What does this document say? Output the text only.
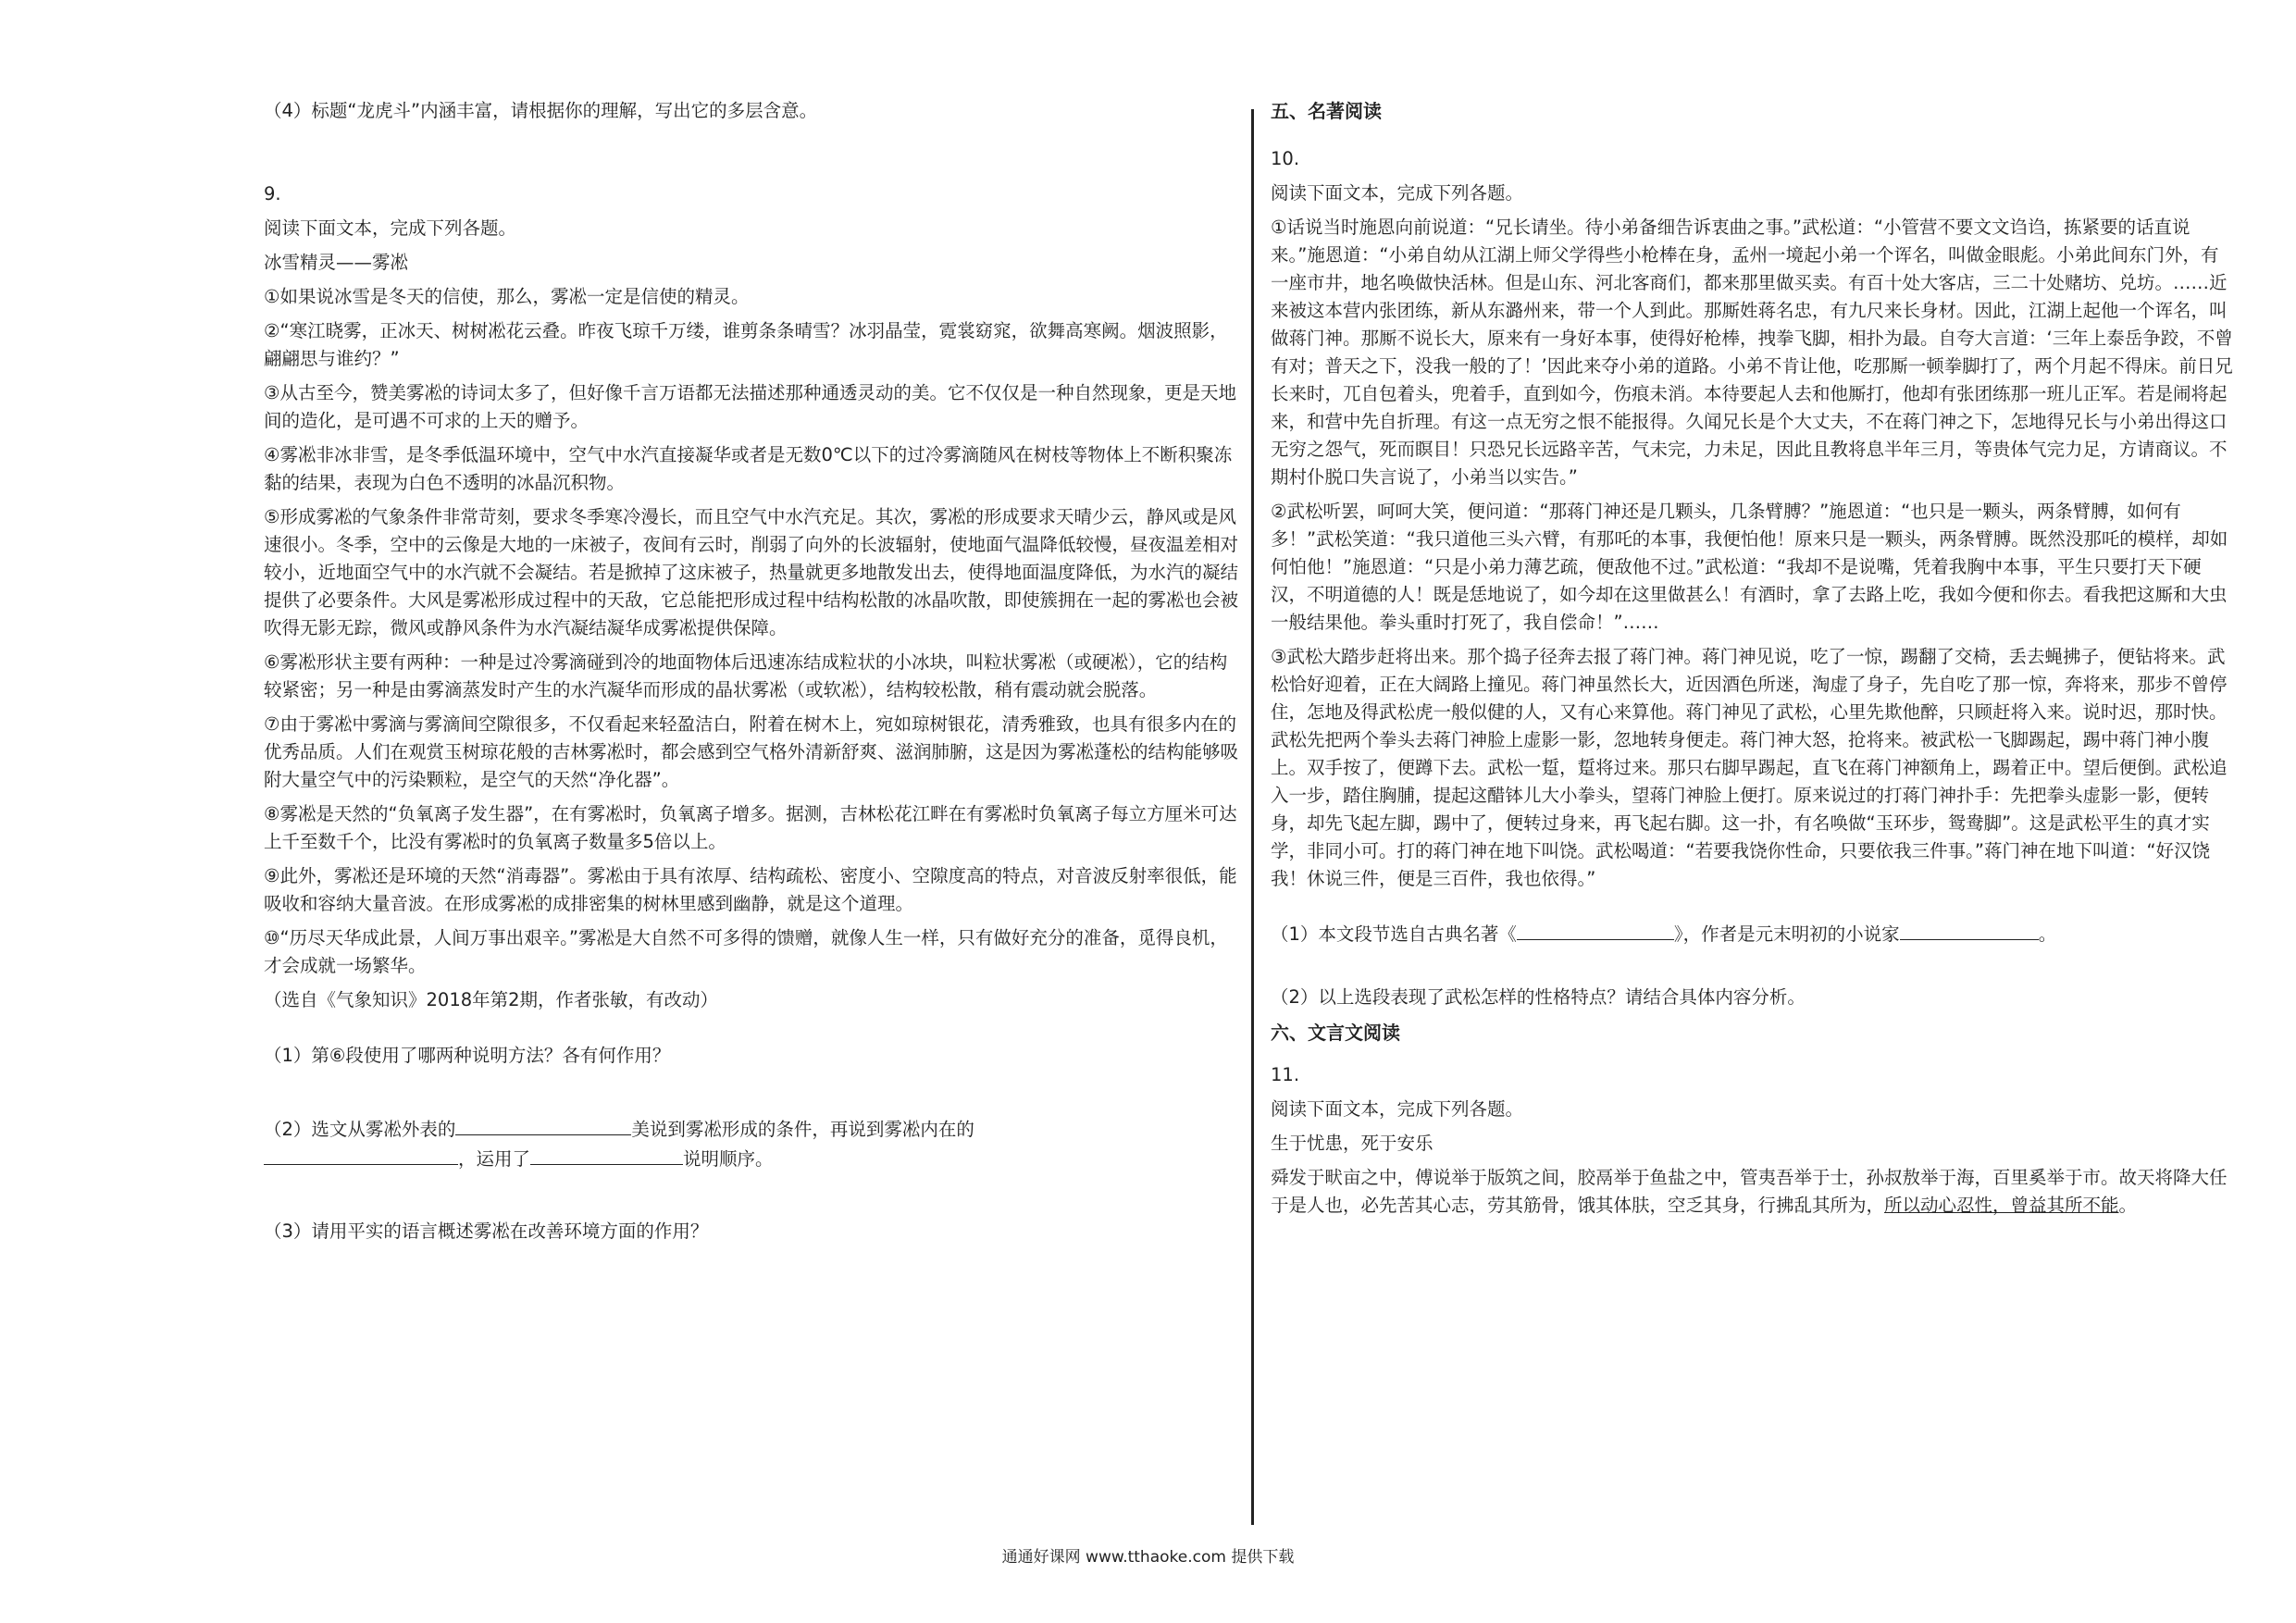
（4）标题“龙虎斗”内涵丰富，请根据你的理解，写出它的多层含意。

9.

阅读下面文本，完成下列各题。

冰雪精灵——雾凇

①如果说冰雪是冬天的信使，那么，雾凇一定是信使的精灵。

②“寒江晓雾，正冰天、树树凇花云叠。昨夜飞琼千万缕，谁剪条条晴雪？冰羽晶莹，霓裳窈窕，欲舞高寒阙。烟波照影，翩翩思与谁约？”

③从古至今，赞美雾凇的诗词太多了，但好像千言万语都无法描述那种通透灵动的美。它不仅仅是一种自然现象，更是天地间的造化，是可遇不可求的上天的赠予。

④雾凇非冰非雪，是冬季低温环境中，空气中水汽直接凝华或者是无数0℃以下的过冷雾滴随风在树枝等物体上不断积聚冻黏的结果，表现为白色不透明的冰晶沉积物。

⑤形成雾凇的气象条件非常苛刻，要求冬季寒冷漫长，而且空气中水汽充足。其次，雾凇的形成要求天晴少云，静风或是风速很小。冬季，空中的云像是大地的一床被子，夜间有云时，削弱了向外的长波辐射，使地面气温降低较慢，昼夜温差相对较小，近地面空气中的水汽就不会凝结。若是掀掉了这床被子，热量就更多地散发出去，使得地面温度降低，为水汽的凝结提供了必要条件。大风是雾凇形成过程中的天敌，它总能把形成过程中结构松散的冰晶吹散，即使簇拥在一起的雾凇也会被吹得无影无踪，微风或静风条件为水汽凝结凝华成雾凇提供保障。

⑥雾凇形状主要有两种：一种是过冷雾滴碰到冷的地面物体后迅速冻结成粒状的小冰块，叫粒状雾凇（或硬凇），它的结构较紧密；另一种是由雾滴蒸发时产生的水汽凝华而形成的晶状雾凇（或软凇），结构较松散，稍有震动就会脱落。

⑦由于雾凇中雾滴与雾滴间空隙很多，不仅看起来轻盈洁白，附着在树木上，宛如琼树银花，清秀雅致，也具有很多内在的优秀品质。人们在观赏玉树琼花般的吉林雾凇时，都会感到空气格外清新舒爽、滋润肺腑，这是因为雾凇蓬松的结构能够吸附大量空气中的污染颗粒，是空气的天然“净化器”。

⑧雾凇是天然的“负氧离子发生器”，在有雾凇时，负氧离子增多。据测，吉林松花江畔在有雾凇时负氧离子每立方厘米可达上千至数千个，比没有雾凇时的负氧离子数量多5倍以上。

⑨此外，雾凇还是环境的天然“消毒器”。雾凇由于具有浓厚、结构疏松、密度小、空隙度高的特点，对音波反射率很低，能吸收和容纳大量音波。在形成雾凇的成排密集的树林里感到幽静，就是这个道理。

⑩“历尽天华成此景，人间万事出艰辛。”雾凇是大自然不可多得的馈赠，就像人生一样，只有做好充分的准备，觅得良机，才会成就一场繁华。

（选自《气象知识》2018年第2期，作者张敏，有改动）

（1）第⑥段使用了哪两种说明方法？各有何作用？

（2）选文从雾凇外表的	美说到雾凇形成的条件，再说到雾凇内在的
，运用了	说明顺序。

（3）请用平实的语言概述雾凇在改善环境方面的作用？

五、名著阅读

10.

阅读下面文本，完成下列各题。

①话说当时施恩向前说道：“兄长请坐。待小弟备细告诉衷曲之事。”武松道：“小管营不要文文诌诌，拣紧要的话直说来。”施恩道：“小弟自幼从江湖上师父学得些小枪棒在身，孟州一境起小弟一个诨名，叫做金眼彪。小弟此间东门外，有一座市井，地名唤做快活林。但是山东、河北客商们，都来那里做买卖。有百十处大客店，三二十处赌坊、兑坊。……近来被这本营内张团练，新从东潞州来，带一个人到此。那厮姓蒋名忠，有九尺来长身材。因此，江湖上起他一个诨名，叫做蒋门神。那厮不说长大，原来有一身好本事，使得好枪棒，拽拳飞脚，相扑为最。自夸大言道：‘三年上泰岳争跤，不曾有对；普天之下，没我一般的了！’因此来夺小弟的道路。小弟不肯让他，吃那厮一顿拳脚打了，两个月起不得床。前日兄长来时，兀自包着头，兜着手，直到如今，伤痕未消。本待要起人去和他厮打，他却有张团练那一班儿正军。若是闹将起来，和营中先自折理。有这一点无穷之恨不能报得。久闻兄长是个大丈夫，不在蒋门神之下，怎地得兄长与小弟出得这口无穷之怨气，死而瞑目！只恐兄长远路辛苦，气未完，力未足，因此且教将息半年三月，等贵体气完力足，方请商议。不期村仆脱口失言说了，小弟当以实告。”

②武松听罢，呵呵大笑，便问道：“那蒋门神还是几颗头，几条臂膊？”施恩道：“也只是一颗头，两条臂膊，如何有多！”武松笑道：“我只道他三头六臂，有那吒的本事，我便怕他！原来只是一颗头，两条臂膊。既然没那吒的模样，却如何怕他！”施恩道：“只是小弟力薄艺疏，便敌他不过。”武松道：“我却不是说嘴，凭着我胸中本事，平生只要打天下硬汉，不明道德的人！既是恁地说了，如今却在这里做甚么！有酒时，拿了去路上吃，我如今便和你去。看我把这厮和大虫一般结果他。拳头重时打死了，我自偿命！”……

③武松大踏步赶将出来。那个捣子径奔去报了蒋门神。蒋门神见说，吃了一惊，踢翻了交椅，丢去蝇拂子，便钻将来。武松恰好迎着，正在大阔路上撞见。蒋门神虽然长大，近因酒色所迷，淘虚了身子，先自吃了那一惊，奔将来，那步不曾停住，怎地及得武松虎一般似健的人，又有心来算他。蒋门神见了武松，心里先欺他醉，只顾赶将入来。说时迟，那时快。武松先把两个拳头去蒋门神脸上虚影一影，忽地转身便走。蒋门神大怒，抢将来。被武松一飞脚踢起，踢中蒋门神小腹上。双手按了，便蹲下去。武松一踅，踅将过来。那只右脚早踢起，直飞在蒋门神额角上，踢着正中。望后便倒。武松追入一步，踏住胸脯，提起这醋钵儿大小拳头，望蒋门神脸上便打。原来说过的打蒋门神扑手：先把拳头虚影一影，便转身，却先飞起左脚，踢中了，便转过身来，再飞起右脚。这一扑，有名唤做“玉环步，鸳鸯脚”。这是武松平生的真才实学，非同小可。打的蒋门神在地下叫饶。武松喝道：“若要我饶你性命，只要依我三件事。”蒋门神在地下叫道：“好汉饶我！休说三件，便是三百件，我也依得。”

（1）本文段节选自古典名著《	》，作者是元末明初的小说家	。

（2）以上选段表现了武松怎样的性格特点？请结合具体内容分析。

六、文言文阅读

11.

阅读下面文本，完成下列各题。

生于忧患，死于安乐

舜发于畎亩之中，傅说举于版筑之间，胶鬲举于鱼盐之中，管夷吾举于士，孙叔敖举于海，百里奚举于市。故天将降大任于是人也，必先苦其心志，劳其筋骨，饿其体肤，空乏其身，行拂乱其所为，所以动心忍性，曾益其所不能。

通通好课网 www.tthaoke.com 提供下载
